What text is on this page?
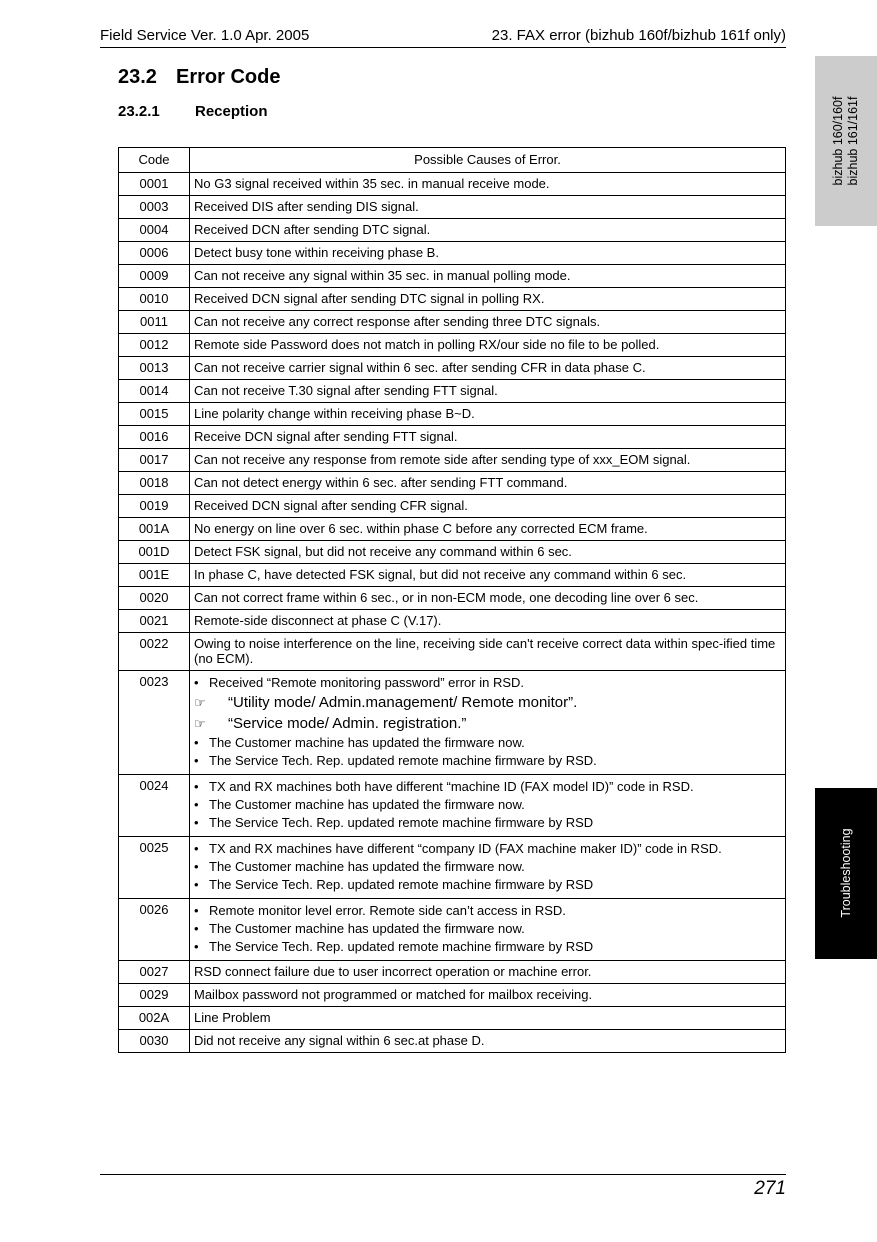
Field Service Ver. 1.0 Apr. 2005	23. FAX error (bizhub 160f/bizhub 161f only)
23.2 Error Code
23.2.1 Reception	bizhub 160/160f bizhub 161/161f
Troubleshooting
Code	Possible Causes of Error.
0001	No G3 signal received within 35 sec. in manual receive mode.
0003	Received DIS after sending DIS signal.
0004	Received DCN after sending DTC signal.
0006	Detect busy tone within receiving phase B.
0009	Can not receive any signal within 35 sec. in manual polling mode.
0010	Received DCN signal after sending DTC signal in polling RX.
0011	Can not receive any correct response after sending three DTC signals.
0012	Remote side Password does not match in polling RX/our side no file to be polled.
0013	Can not receive carrier signal within 6 sec. after sending CFR in data phase C.
0014	Can not receive T.30 signal after sending FTT signal.
0015	Line polarity change within receiving phase B~D.
0016	Receive DCN signal after sending FTT signal.
0017	Can not receive any response from remote side after sending type of xxx_EOM signal.
0018	Can not detect energy within 6 sec. after sending FTT command.
0019	Received DCN signal after sending CFR signal.
001A	No energy on line over 6 sec. within phase C before any corrected ECM frame.
001D	Detect FSK signal, but did not receive any command within 6 sec.
001E	In phase C, have detected FSK signal, but did not receive any command within 6 sec.
0020	Can not correct frame within 6 sec., or in non-ECM mode, one decoding line over 6 sec.
0021	Remote-side disconnect at phase C (V.17).
0022	Owing to noise interference on the line, receiving side can't receive correct data within spec-ified time (no ECM).
0023	• Received “Remote monitoring password” error in RSD.
☞ “Utility mode/ Admin.management/ Remote monitor”.
☞ “Service mode/ Admin. registration.”
• The Customer machine has updated the firmware now.
• The Service Tech. Rep. updated remote machine firmware by RSD.

0024	• TX and RX machines both have different “machine ID (FAX model ID)” code in RSD.
• The Customer machine has updated the firmware now.
• The Service Tech. Rep. updated remote machine firmware by RSD

0025	• TX and RX machines have different “company ID (FAX machine maker ID)” code in RSD.
• The Customer machine has updated the firmware now.
• The Service Tech. Rep. updated remote machine firmware by RSD

0026	• Remote monitor level error. Remote side can’t access in RSD.
• The Customer machine has updated the firmware now.
• The Service Tech. Rep. updated remote machine firmware by RSD

0027	RSD connect failure due to user incorrect operation or machine error.
0029	Mailbox password not programmed or matched for mailbox receiving.
002A	Line Problem
0030	Did not receive any signal within 6 sec.at phase D.
271
